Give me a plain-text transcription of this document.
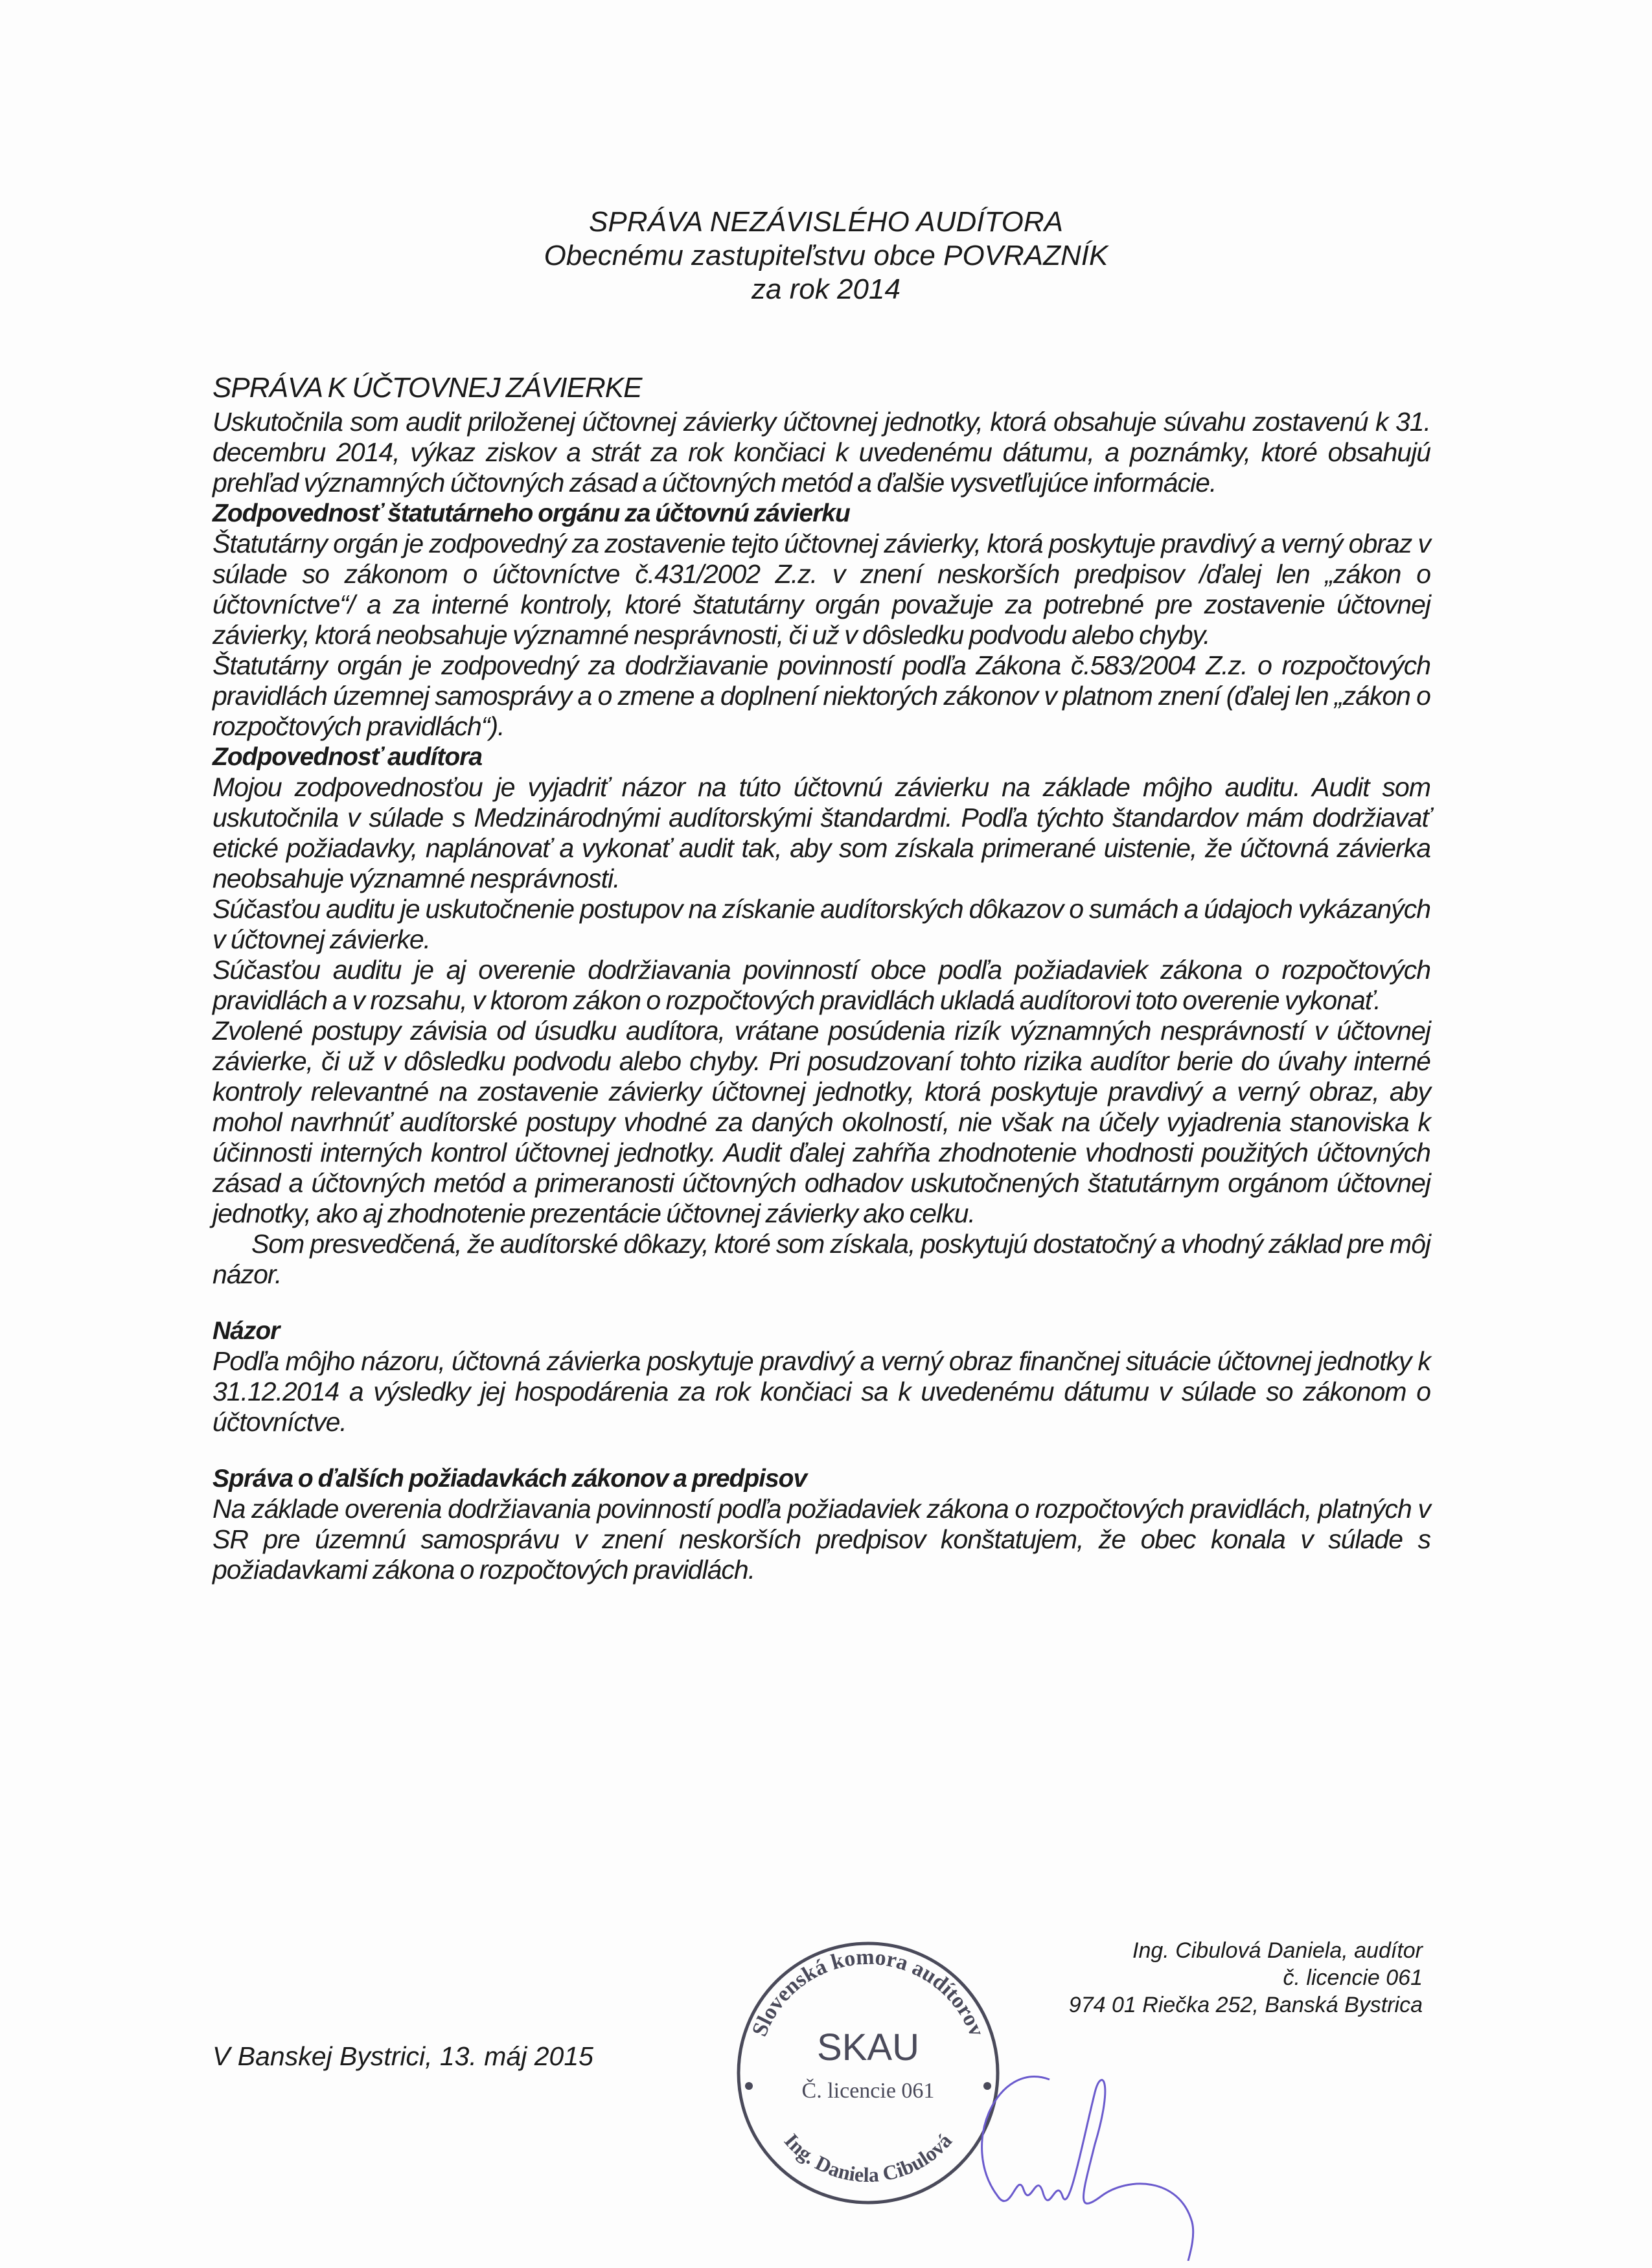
SPRÁVA NEZÁVISLÉHO AUDÍTORA
Obecnému zastupiteľstvu obce POVRAZNÍK
za rok 2014

SPRÁVA K ÚČTOVNEJ ZÁVIERKE

Uskutočnila som audit priloženej účtovnej závierky účtovnej jednotky, ktorá obsahuje súvahu zostavenú k 31. decembru 2014, výkaz ziskov a strát za rok končiaci k uvedenému dátumu, a poznámky, ktoré obsahujú prehľad významných účtovných zásad a účtovných metód a ďalšie vysvetľujúce informácie.

Zodpovednosť štatutárneho orgánu za účtovnú závierku

Štatutárny orgán je zodpovedný za zostavenie tejto účtovnej závierky, ktorá poskytuje pravdivý a verný obraz v súlade so zákonom o účtovníctve č.431/2002 Z.z. v znení neskorších predpisov /ďalej len „zákon o účtovníctve“/ a za interné kontroly, ktoré štatutárny orgán považuje za potrebné pre zostavenie účtovnej závierky, ktorá neobsahuje významné nesprávnosti, či už v dôsledku podvodu alebo chyby.

Štatutárny orgán je zodpovedný za dodržiavanie povinností podľa Zákona č.583/2004 Z.z. o rozpočtových pravidlách územnej samosprávy a o zmene a doplnení niektorých zákonov v platnom znení (ďalej len „zákon o rozpočtových pravidlách“).

Zodpovednosť audítora

Mojou zodpovednosťou je vyjadriť názor na túto účtovnú závierku na základe môjho auditu. Audit som uskutočnila v súlade s Medzinárodnými audítorskými štandardmi. Podľa týchto štandardov mám dodržiavať etické požiadavky, naplánovať a vykonať audit tak, aby som získala primerané uistenie, že účtovná závierka neobsahuje významné nesprávnosti.

Súčasťou auditu je uskutočnenie postupov na získanie audítorských dôkazov o sumách a údajoch vykázaných v účtovnej závierke.

Súčasťou auditu je aj overenie dodržiavania povinností obce podľa požiadaviek zákona o rozpočtových pravidlách a v rozsahu, v ktorom zákon o rozpočtových pravidlách ukladá audítorovi toto overenie vykonať.

Zvolené postupy závisia od úsudku audítora, vrátane posúdenia rizík významných nesprávností v účtovnej závierke, či už v dôsledku podvodu alebo chyby. Pri posudzovaní tohto rizika audítor berie do úvahy interné kontroly relevantné na zostavenie závierky účtovnej jednotky, ktorá poskytuje pravdivý a verný obraz, aby mohol navrhnúť audítorské postupy vhodné za daných okolností, nie však na účely vyjadrenia stanoviska k účinnosti interných kontrol účtovnej jednotky. Audit ďalej zahŕňa zhodnotenie vhodnosti použitých účtovných zásad a účtovných metód a primeranosti účtovných odhadov uskutočnených štatutárnym orgánom účtovnej jednotky, ako aj zhodnotenie prezentácie účtovnej závierky ako celku.

Som presvedčená, že audítorské dôkazy, ktoré som získala, poskytujú dostatočný a vhodný základ pre môj názor.

Názor

Podľa môjho názoru, účtovná závierka poskytuje pravdivý a verný obraz finančnej situácie účtovnej jednotky k 31.12.2014 a výsledky jej hospodárenia za rok končiaci sa k uvedenému dátumu v súlade so zákonom o účtovníctve.

Správa o ďalších požiadavkách zákonov a predpisov

Na základe overenia dodržiavania povinností podľa požiadaviek zákona o rozpočtových pravidlách, platných v SR pre územnú samosprávu v znení neskorších predpisov konštatujem, že obec konala v súlade s požiadavkami zákona o rozpočtových pravidlách.

Ing. Cibulová Daniela, audítor
č. licencie 061
974 01 Riečka 252, Banská Bystrica
V Banskej Bystrici, 13. máj 2015
Slovenská komora audítorov
Ing. Daniela Cibulová
SKAU
Č. licencie 061
